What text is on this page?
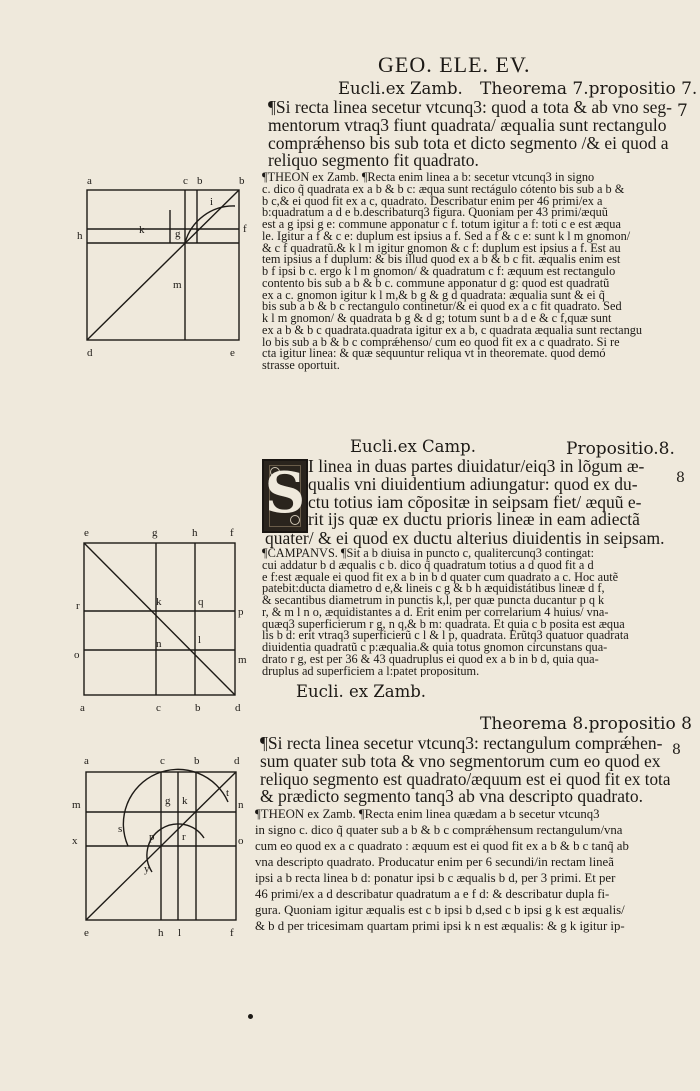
GEO. ELE. EV.
7
Eucli.ex Zamb. Theorema 7.propositio 7.
¶Si recta linea secetur vtcunq3: quod a tota & ab vno seg-
mentorum vtraq3 fiunt quadrata/ æqualia sunt rectangulo
comprǽhenso bis sub tota et dicto segmento /& ei quod a
reliquo segmento fit quadrato.
¶THEON ex Zamb. ¶Recta enim linea a b: secetur vtcunq3 in signo
c. dico q̃ quadrata ex a b & b c: æqua sunt rectágulo cótento bis sub a b &
b c,& ei quod fit ex a c, quadrato. Describatur enim per 46 primi/ex a
b:quadratum a d e b.describaturq3 figura. Quoniam per 43 primi/æquũ
est a g ipsi g e: commune apponatur c f. totum igitur a f: toti c e est æqua
le. Igitur a f & c e: duplum est ipsius a f. Sed a f & c e: sunt k l m gnomon/
& c f quadratũ.& k l m igitur gnomon & c f: duplum est ipsius a f. Est au
tem ipsius a f duplum: & bis illud quod ex a b & b c fit. æqualis enim est
b f ipsi b c. ergo k l m gnomon/ & quadratum c f: æquum est rectangulo
contento bis sub a b & b c. commune apponatur d g: quod est quadratũ
ex a c. gnomon igitur k l m,& b g & g d quadrata: æqualia sunt & ei q̃
bis sub a b & b c rectangulo continetur/& ei quod ex a c fit quadrato. Sed
k l m gnomon/ & quadrata b g & d g; totum sunt b a d e & c f,quæ sunt
ex a b & b c quadrata.quadrata igitur ex a b, c quadrata æqualia sunt rectangu
lo bis sub a b & b c comprǽhenso/ cum eo quod fit ex a c quadrato. Si re
cta igitur linea: & quæ sequuntur reliqua vt in theoremate. quod demó
strasse oportuit.
Eucli.ex Camp.	Propositio.8.
8
S I linea in duas partes diuidatur/eiq3 in lõgum æ-
qualis vni diuidentium adiungatur: quod ex du-
ctu totius iam cõpositæ in seipsam fiet/ æquũ e-
rit ijs quæ ex ductu prioris lineæ in eam adiectã
quater/ & ei quod ex ductu alterius diuidentis in seipsam.
¶CAMPANVS. ¶Sit a b diuisa in puncto c, qualitercunq3 contingat:
cui addatur b d æqualis c b. dico q̃ quadratum totius a d quod fit a d
e f:est æquale ei quod fit ex a b in b d quater cum quadrato a c. Hoc autẽ
patebit:ducta diametro d e,& lineis c g & b h æquidistátibus lineæ d f,
& secantibus diametrum in punctis k,l, per quæ puncta ducantur p q k
r, & m l n o, æquidistantes a d. Erit enim per correlarium 4 huius/ vna-
quæq3 superficierum r g, n q,& b m: quadrata. Et quia c b posita est æqua
lis b d: erit vtraq3 superficierũ c l & l p, quadrata. Erũtq3 quatuor quadrata
diuidentia quadratũ c p:æqualia.& quia totus gnomon circunstans qua-
drato r g, est per 36 & 43 quadruplus ei quod ex a b in b d, quia qua-
druplus ad superficiem a l:patet propositum.
Eucli. ex Zamb.
Theorema 8.propositio 8
8
¶Si recta linea secetur vtcunq3: rectangulum comprǽhen-
sum quater sub tota & vno segmentorum cum eo quod ex
reliquo segmento est quadrato/æquum est ei quod fit ex tota
& prædicto segmento tanq3 ab vna descripto quadrato.
¶THEON ex Zamb. ¶Recta enim linea quædam a b secetur vtcunq3
in signo c. dico q̃ quater sub a b & b c comprǽhensum rectangulum/vna
cum eo quod ex a c quadrato : æquum est ei quod fit ex a b & b c tanq̃ ab
vna descripto quadrato. Producatur enim per 6 secundi/in rectam lineã
ipsi a b recta linea b d: ponatur ipsi b c æqualis b d, per 3 primi. Et per
46 primi/ex a d describatur quadratum a e f d: & describatur dupla fi-
gura. Quoniam igitur æqualis est c b ipsi b d,sed c b ipsi g k est æqualis/
& b d per tricesimam quartam primi ipsi k n est æqualis: & g k igitur ip-
a	c b	b
h	k	g
i
f
m
d	e
e	g	h	f
r	k	q
p
n	l
o	m
a	c	b	d
a	c	b	d
m	g k
t
n
x
s
p	r	o
y
e	h l	f
